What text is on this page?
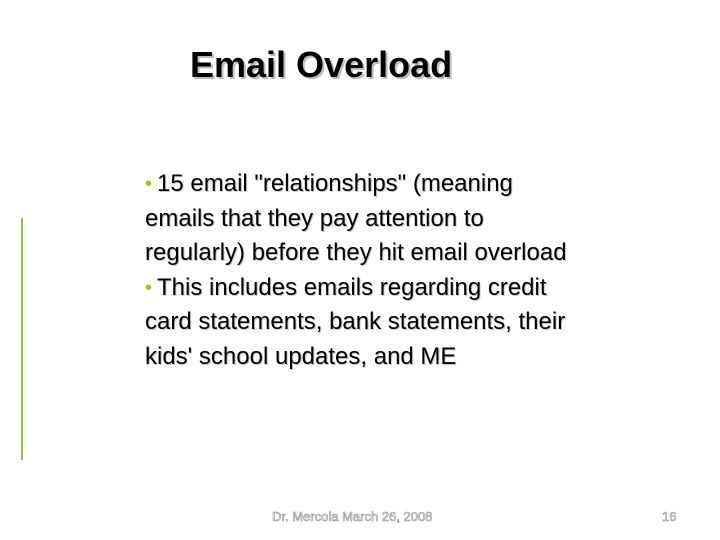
Email Overload

• 15 email "relationships" (meaning emails that they pay attention to regularly) before they hit email overload

• This includes emails regarding credit card statements, bank statements, their kids' school updates, and ME

Dr. Mercola March 26, 2008	16
